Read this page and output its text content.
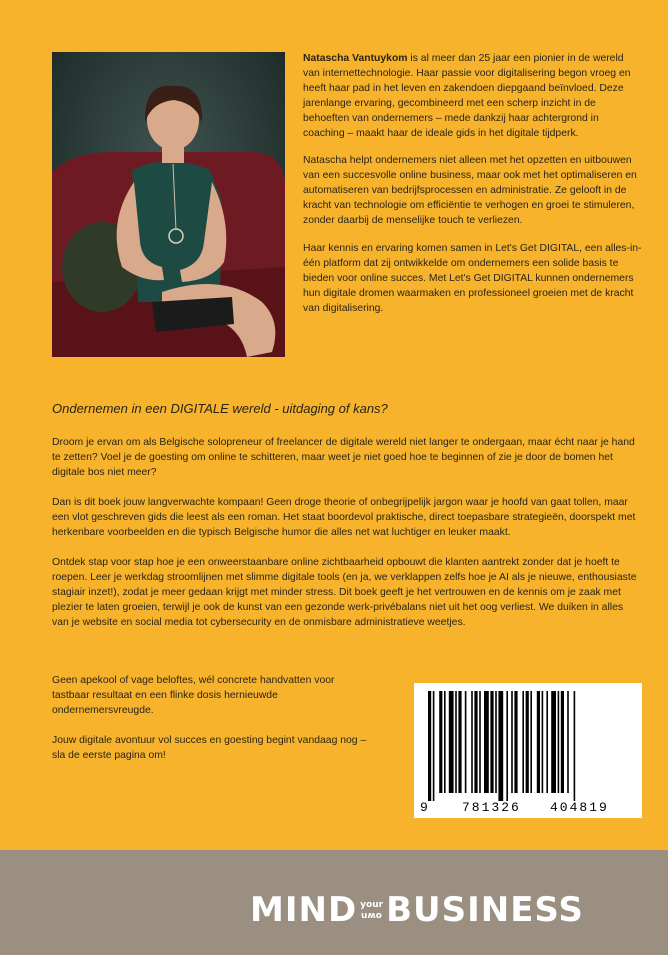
Natascha Vantuykom is al meer dan 25 jaar een pionier in de wereld van internettechnologie. Haar passie voor digitalisering begon vroeg en heeft haar pad in het leven en zakendoen diepgaand beïnvloed. Deze jarenlange ervaring, gecombineerd met een scherp inzicht in de behoeften van ondernemers – mede dankzij haar achtergrond in coaching – maakt haar de ideale gids in het digitale tijdperk.

Natascha helpt ondernemers niet alleen met het opzetten en uitbouwen van een succesvolle online business, maar ook met het optimaliseren en automatiseren van bedrijfsprocessen en administratie. Ze gelooft in de kracht van technologie om efficiëntie te verhogen en groei te stimuleren, zonder daarbij de menselijke touch te verliezen.

Haar kennis en ervaring komen samen in Let's Get DIGITAL, een alles-in-één platform dat zij ontwikkelde om ondernemers een solide basis te bieden voor online succes. Met Let's Get DIGITAL kunnen ondernemers hun digitale dromen waarmaken en professioneel groeien met de kracht van digitalisering.

Ondernemen in een DIGITALE wereld - uitdaging of kans?

Droom je ervan om als Belgische solopreneur of freelancer de digitale wereld niet langer te ondergaan, maar écht naar je hand te zetten? Voel je de goesting om online te schitteren, maar weet je niet goed hoe te beginnen of zie je door de bomen het digitale bos niet meer?

Dan is dit boek jouw langverwachte kompaan! Geen droge theorie of onbegrijpelijk jargon waar je hoofd van gaat tollen, maar een vlot geschreven gids die leest als een roman. Het staat boordevol praktische, direct toepasbare strategieën, doorspekt met herkenbare voorbeelden en die typisch Belgische humor die alles net wat luchtiger en leuker maakt.

Ontdek stap voor stap hoe je een onweerstaanbare online zichtbaarheid opbouwt die klanten aantrekt zonder dat je hoeft te roepen. Leer je werkdag stroomlijnen met slimme digitale tools (en ja, we verklappen zelfs hoe je AI als je nieuwe, enthousiaste stagiair inzet!), zodat je meer gedaan krijgt met minder stress. Dit boek geeft je het vertrouwen en de kennis om je zaak met plezier te laten groeien, terwijl je ook de kunst van een gezonde werk-privébalans niet uit het oog verliest. We duiken in alles van je website en social media tot cybersecurity en de onmisbare administratieve weetjes.

Geen apekool of vage beloftes, wél concrete handvatten voor tastbaar resultaat en een flinke dosis hernieuwde ondernemersvreugde.

Jouw digitale avontuur vol succes en goesting begint vandaag nog – sla de eerste pagina om!

9	781326 404819
MIND your
own BUSINESS
